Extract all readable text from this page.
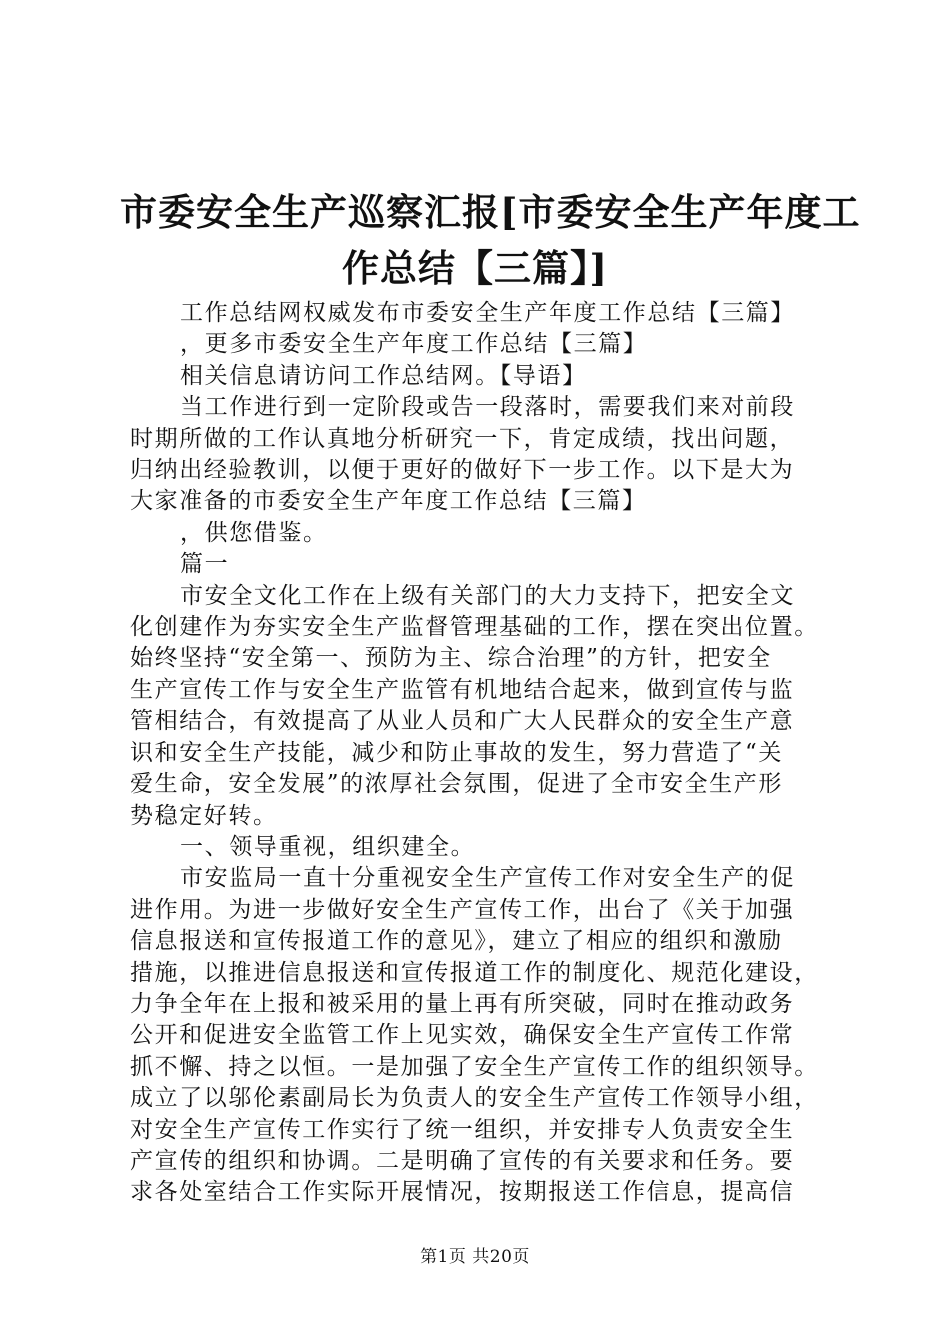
市委安全生产巡察汇报[市委安全生产年度工
作总结【三篇】]
工作总结网权威发布市委安全生产年度工作总结【三篇】
，更多市委安全生产年度工作总结【三篇】
相关信息请访问工作总结网。【导语】
当工作进行到一定阶段或告一段落时，需要我们来对前段
时期所做的工作认真地分析研究一下，肯定成绩，找出问题，
归纳出经验教训，以便于更好的做好下一步工作。以下是大为
大家准备的市委安全生产年度工作总结【三篇】
，供您借鉴。
篇一
市安全文化工作在上级有关部门的大力支持下，把安全文
化创建作为夯实安全生产监督管理基础的工作，摆在突出位置。
始终坚持“安全第一、预防为主、综合治理”的方针，把安全
生产宣传工作与安全生产监管有机地结合起来，做到宣传与监
管相结合，有效提高了从业人员和广大人民群众的安全生产意
识和安全生产技能，减少和防止事故的发生，努力营造了“关
爱生命，安全发展”的浓厚社会氛围，促进了全市安全生产形
势稳定好转。
一、领导重视，组织建全。
市安监局一直十分重视安全生产宣传工作对安全生产的促
进作用。为进一步做好安全生产宣传工作，出台了《关于加强
信息报送和宣传报道工作的意见》，建立了相应的组织和激励
措施，以推进信息报送和宣传报道工作的制度化、规范化建设，
力争全年在上报和被采用的量上再有所突破，同时在推动政务
公开和促进安全监管工作上见实效，确保安全生产宣传工作常
抓不懈、持之以恒。一是加强了安全生产宣传工作的组织领导。
成立了以邬伦素副局长为负责人的安全生产宣传工作领导小组，
对安全生产宣传工作实行了统一组织，并安排专人负责安全生
产宣传的组织和协调。二是明确了宣传的有关要求和任务。要
求各处室结合工作实际开展情况，按期报送工作信息，提高信
第1页 共20页
